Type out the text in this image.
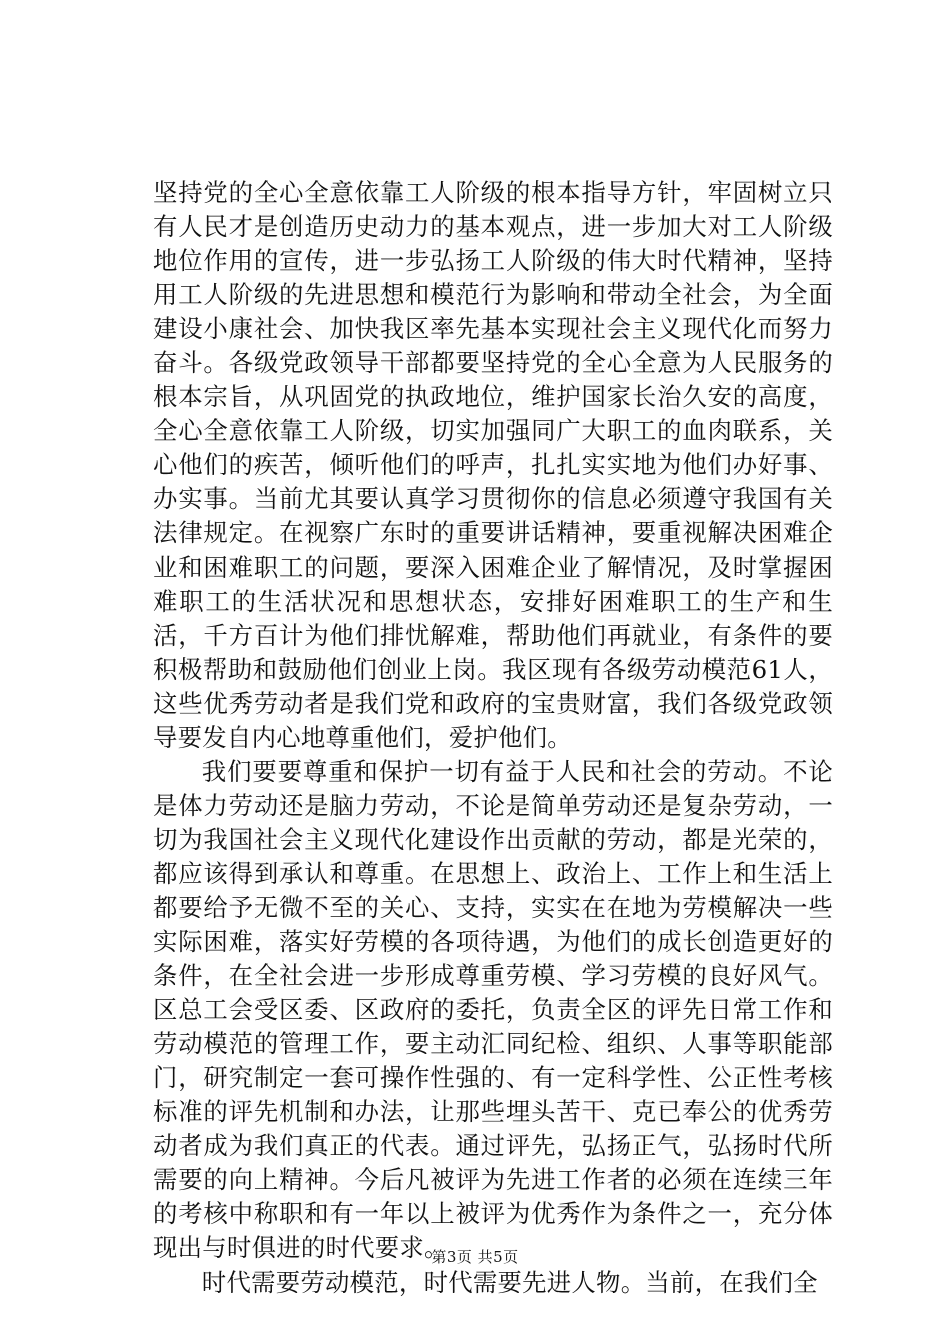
坚持党的全心全意依靠工人阶级的根本指导方针，牢固树立只有人民才是创造历史动力的基本观点，进一步加大对工人阶级地位作用的宣传，进一步弘扬工人阶级的伟大时代精神，坚持用工人阶级的先进思想和模范行为影响和带动全社会，为全面建设小康社会、加快我区率先基本实现社会主义现代化而努力奋斗。各级党政领导干部都要坚持党的全心全意为人民服务的根本宗旨，从巩固党的执政地位，维护国家长治久安的高度，全心全意依靠工人阶级，切实加强同广大职工的血肉联系，关心他们的疾苦，倾听他们的呼声，扎扎实实地为他们办好事、办实事。当前尤其要认真学习贯彻你的信息必须遵守我国有关法律规定。在视察广东时的重要讲话精神，要重视解决困难企业和困难职工的问题，要深入困难企业了解情况，及时掌握困难职工的生活状况和思想状态，安排好困难职工的生产和生活，千方百计为他们排忧解难，帮助他们再就业，有条件的要积极帮助和鼓励他们创业上岗。我区现有各级劳动模范61人，这些优秀劳动者是我们党和政府的宝贵财富，我们各级党政领导要发自内心地尊重他们，爱护他们。

我们要要尊重和保护一切有益于人民和社会的劳动。不论是体力劳动还是脑力劳动，不论是简单劳动还是复杂劳动，一切为我国社会主义现代化建设作出贡献的劳动，都是光荣的，都应该得到承认和尊重。在思想上、政治上、工作上和生活上都要给予无微不至的关心、支持，实实在在地为劳模解决一些实际困难，落实好劳模的各项待遇，为他们的成长创造更好的条件，在全社会进一步形成尊重劳模、学习劳模的良好风气。区总工会受区委、区政府的委托，负责全区的评先日常工作和劳动模范的管理工作，要主动汇同纪检、组织、人事等职能部门，研究制定一套可操作性强的、有一定科学性、公正性考核标准的评先机制和办法，让那些埋头苦干、克已奉公的优秀劳动者成为我们真正的代表。通过评先，弘扬正气，弘扬时代所需要的向上精神。今后凡被评为先进工作者的必须在连续三年的考核中称职和有一年以上被评为优秀作为条件之一，充分体现出与时俱进的时代要求。

时代需要劳动模范，时代需要先进人物。当前，在我们全

第3页 共5页
